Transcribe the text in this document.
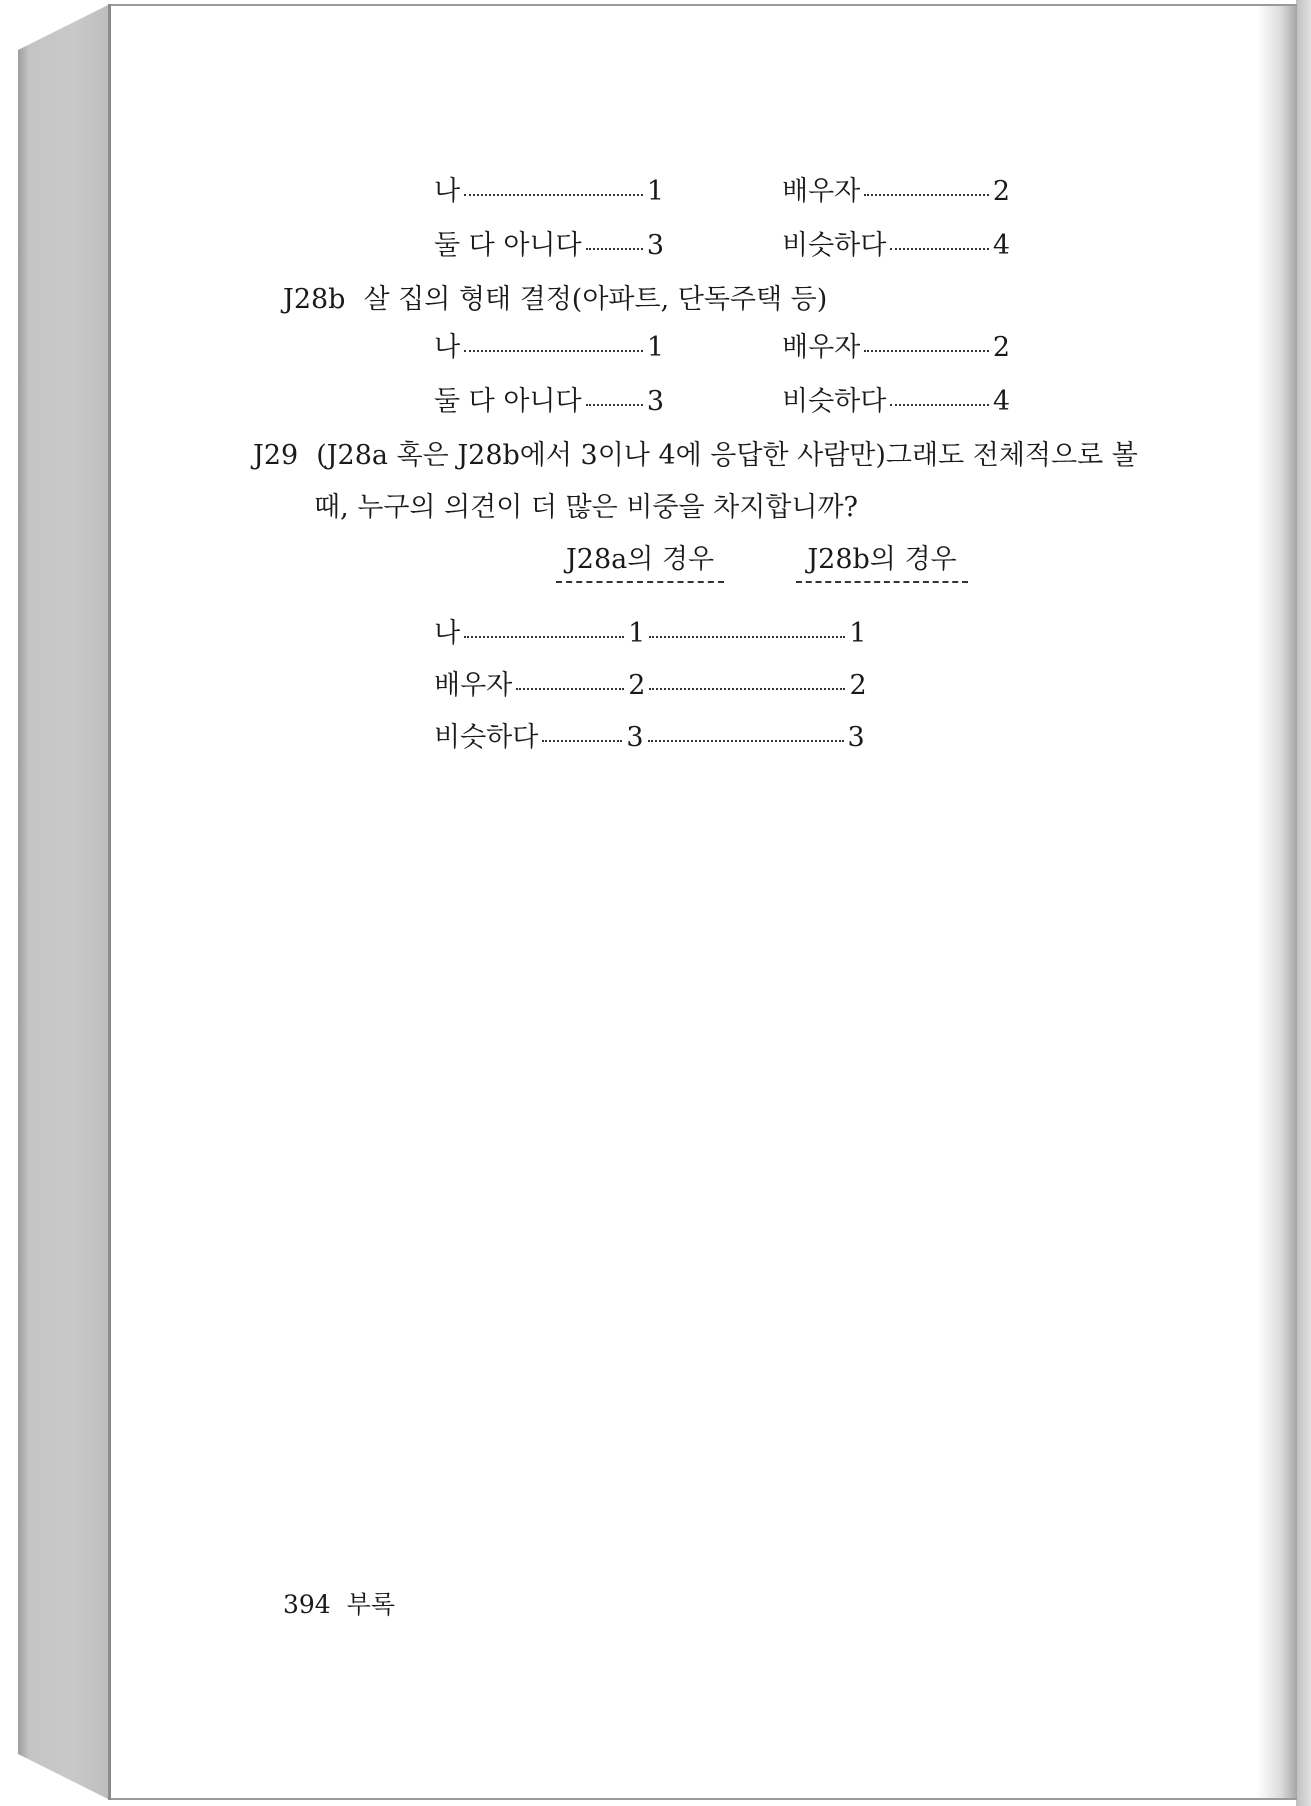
나	1	배우자	2
둘 다 아니다 3	비슷하다	4
J28b 살 집의 형태 결정(아파트, 단독주택 등)
나	1	배우자	2
둘 다 아니다 3	비슷하다	4
J29 (J28a 혹은 J28b에서 3이나 4에 응답한 사람만)그래도 전체적으로 볼
때, 누구의 의견이 더 많은 비중을 차지합니까?
J28a의 경우	J28b의 경우
나	1	1
배우자	2	2
비슷하다	3	3
394 부록
